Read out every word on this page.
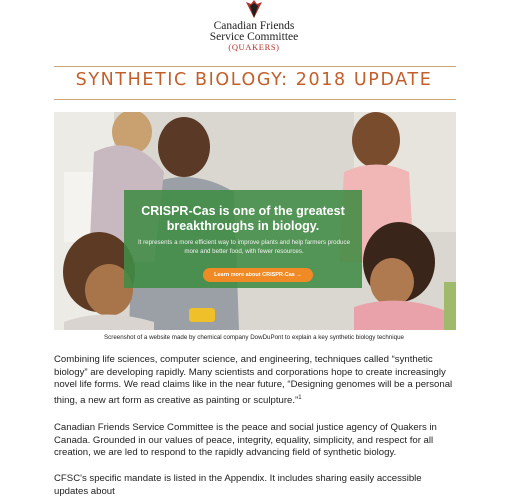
Canadian Friends
Service Committee
(QUAKERS)
SYNTHETIC BIOLOGY: 2018 UPDATE
CRISPR-Cas is one of the greatest breakthroughs in biology.
It represents a more efficient way to improve plants and help farmers produce more and better food, with fewer resources.
Learn more about CRISPR-Cas →
Screenshot of a website made by chemical company DowDuPont to explain a key synthetic biology technique
Combining life sciences, computer science, and engineering, techniques called “synthetic biology” are developing rapidly. Many scientists and corporations hope to create increasingly novel life forms. We read claims like in the near future, “Designing genomes will be a personal thing, a new art form as creative as painting or sculpture.”$^1$
Canadian Friends Service Committee is the peace and social justice agency of Quakers in Canada. Grounded in our values of peace, integrity, equality, simplicity, and respect for all creation, we are led to respond to the rapidly advancing field of synthetic biology.
CFSC's specific mandate is listed in the Appendix. It includes sharing easily accessible updates about
